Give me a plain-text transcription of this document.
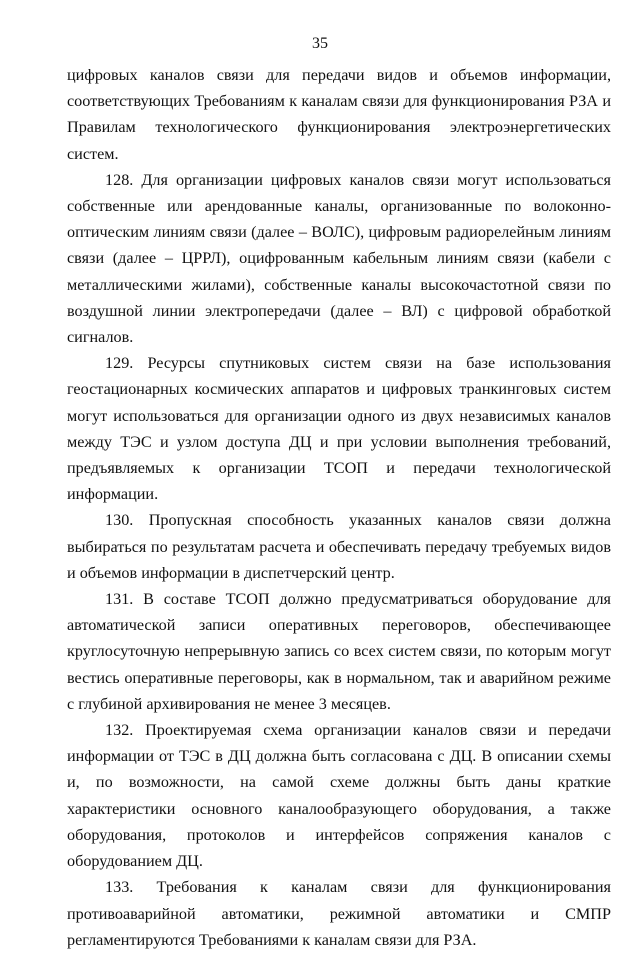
35

цифровых каналов связи для передачи видов и объемов информации, соответствующих Требованиям к каналам связи для функционирования РЗА и Правилам технологического функционирования электроэнергетических систем.

128. Для организации цифровых каналов связи могут использоваться собственные или арендованные каналы, организованные по волоконно-оптическим линиям связи (далее – ВОЛС), цифровым радиорелейным линиям связи (далее – ЦРРЛ), оцифрованным кабельным линиям связи (кабели с металлическими жилами), собственные каналы высокочастотной связи по воздушной линии электропередачи (далее – ВЛ) с цифровой обработкой сигналов.

129. Ресурсы спутниковых систем связи на базе использования геостационарных космических аппаратов и цифровых транкинговых систем могут использоваться для организации одного из двух независимых каналов между ТЭС и узлом доступа ДЦ и при условии выполнения требований, предъявляемых к организации ТСОП и передачи технологической информации.

130. Пропускная способность указанных каналов связи должна выбираться по результатам расчета и обеспечивать передачу требуемых видов и объемов информации в диспетчерский центр.

131. В составе ТСОП должно предусматриваться оборудование для автоматической записи оперативных переговоров, обеспечивающее круглосуточную непрерывную запись со всех систем связи, по которым могут вестись оперативные переговоры, как в нормальном, так и аварийном режиме с глубиной архивирования не менее 3 месяцев.

132. Проектируемая схема организации каналов связи и передачи информации от ТЭС в ДЦ должна быть согласована с ДЦ. В описании схемы и, по возможности, на самой схеме должны быть даны краткие характеристики основного каналообразующего оборудования, а также оборудования, протоколов и интерфейсов сопряжения каналов с оборудованием ДЦ.

133. Требования к каналам связи для функционирования противоаварийной автоматики, режимной автоматики и СМПР регламентируются Требованиями к каналам связи для РЗА.
